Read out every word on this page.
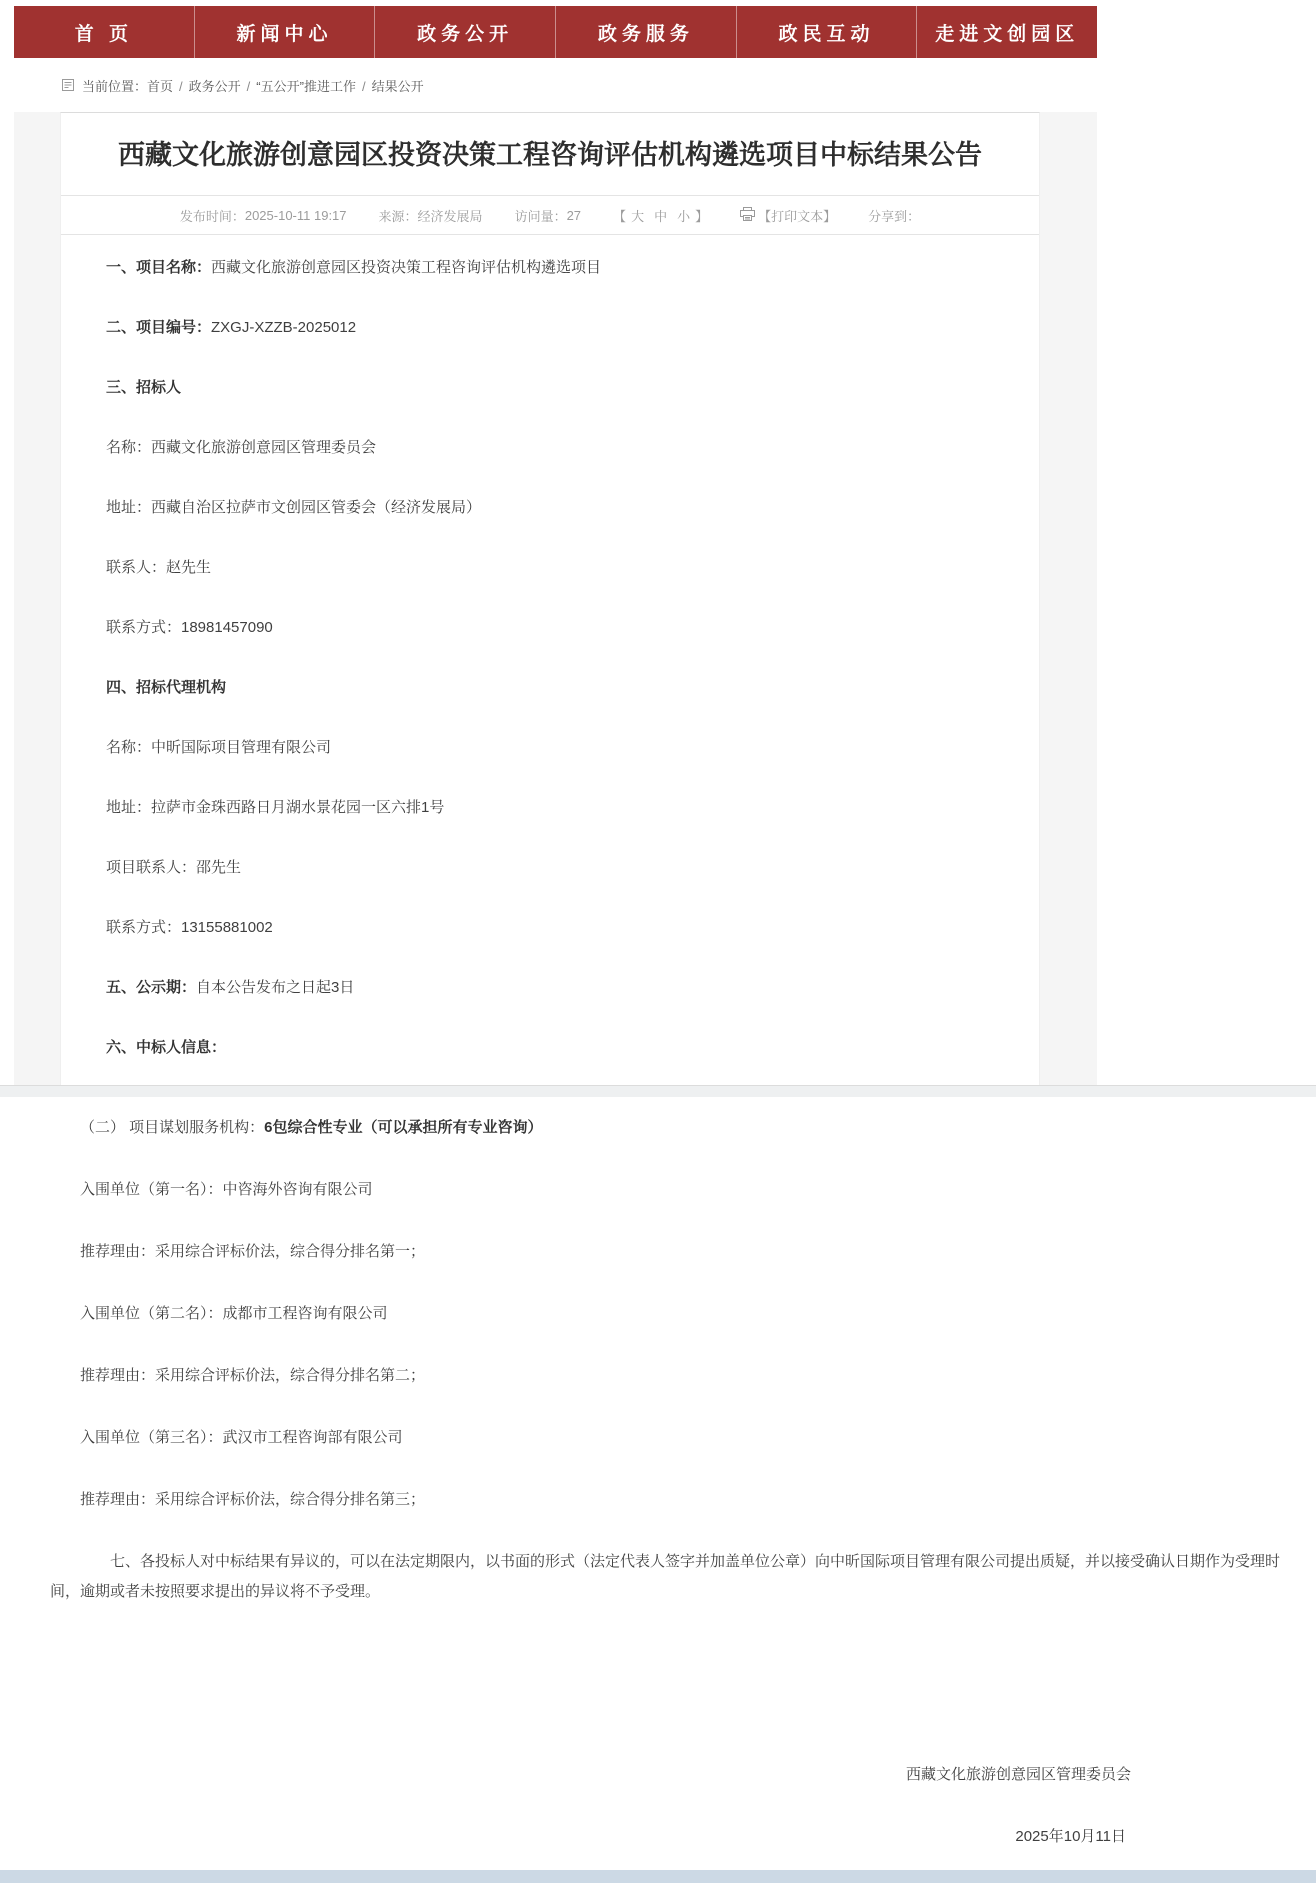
首 页	新闻中心	政务公开	政务服务	政民互动	走进文创园区
当前位置： 首页 / 政务公开 / “五公开”推进工作 / 结果公开
西藏文化旅游创意园区投资决策工程咨询评估机构遴选项目中标结果公告
发布时间： 2025-10-11 19:17 来源： 经济发展局 访问量： 27 【 大 中 小 】	【打印文本】 分享到：

一、项目名称：西藏文化旅游创意园区投资决策工程咨询评估机构遴选项目

二、项目编号：ZXGJ-XZZB-2025012

三、招标人

名称：西藏文化旅游创意园区管理委员会

地址：西藏自治区拉萨市文创园区管委会（经济发展局）

联系人：赵先生

联系方式：18981457090

四、招标代理机构

名称：中昕国际项目管理有限公司

地址：拉萨市金珠西路日月湖水景花园一区六排1号

项目联系人：邵先生

联系方式：13155881002

五、公示期：自本公告发布之日起3日

六、中标人信息：

（二） 项目谋划服务机构：6包综合性专业（可以承担所有专业咨询）

入围单位（第一名）：中咨海外咨询有限公司

推荐理由：采用综合评标价法，综合得分排名第一；

入围单位（第二名）：成都市工程咨询有限公司

推荐理由：采用综合评标价法，综合得分排名第二；

入围单位（第三名）：武汉市工程咨询部有限公司

推荐理由：采用综合评标价法，综合得分排名第三；

七、各投标人对中标结果有异议的，可以在法定期限内，以书面的形式（法定代表人签字并加盖单位公章）向中昕国际项目管理有限公司提出质疑，并以接受确认日期作为受理时间，逾期或者未按照要求提出的异议将不予受理。

西藏文化旅游创意园区管理委员会

2025年10月11日
